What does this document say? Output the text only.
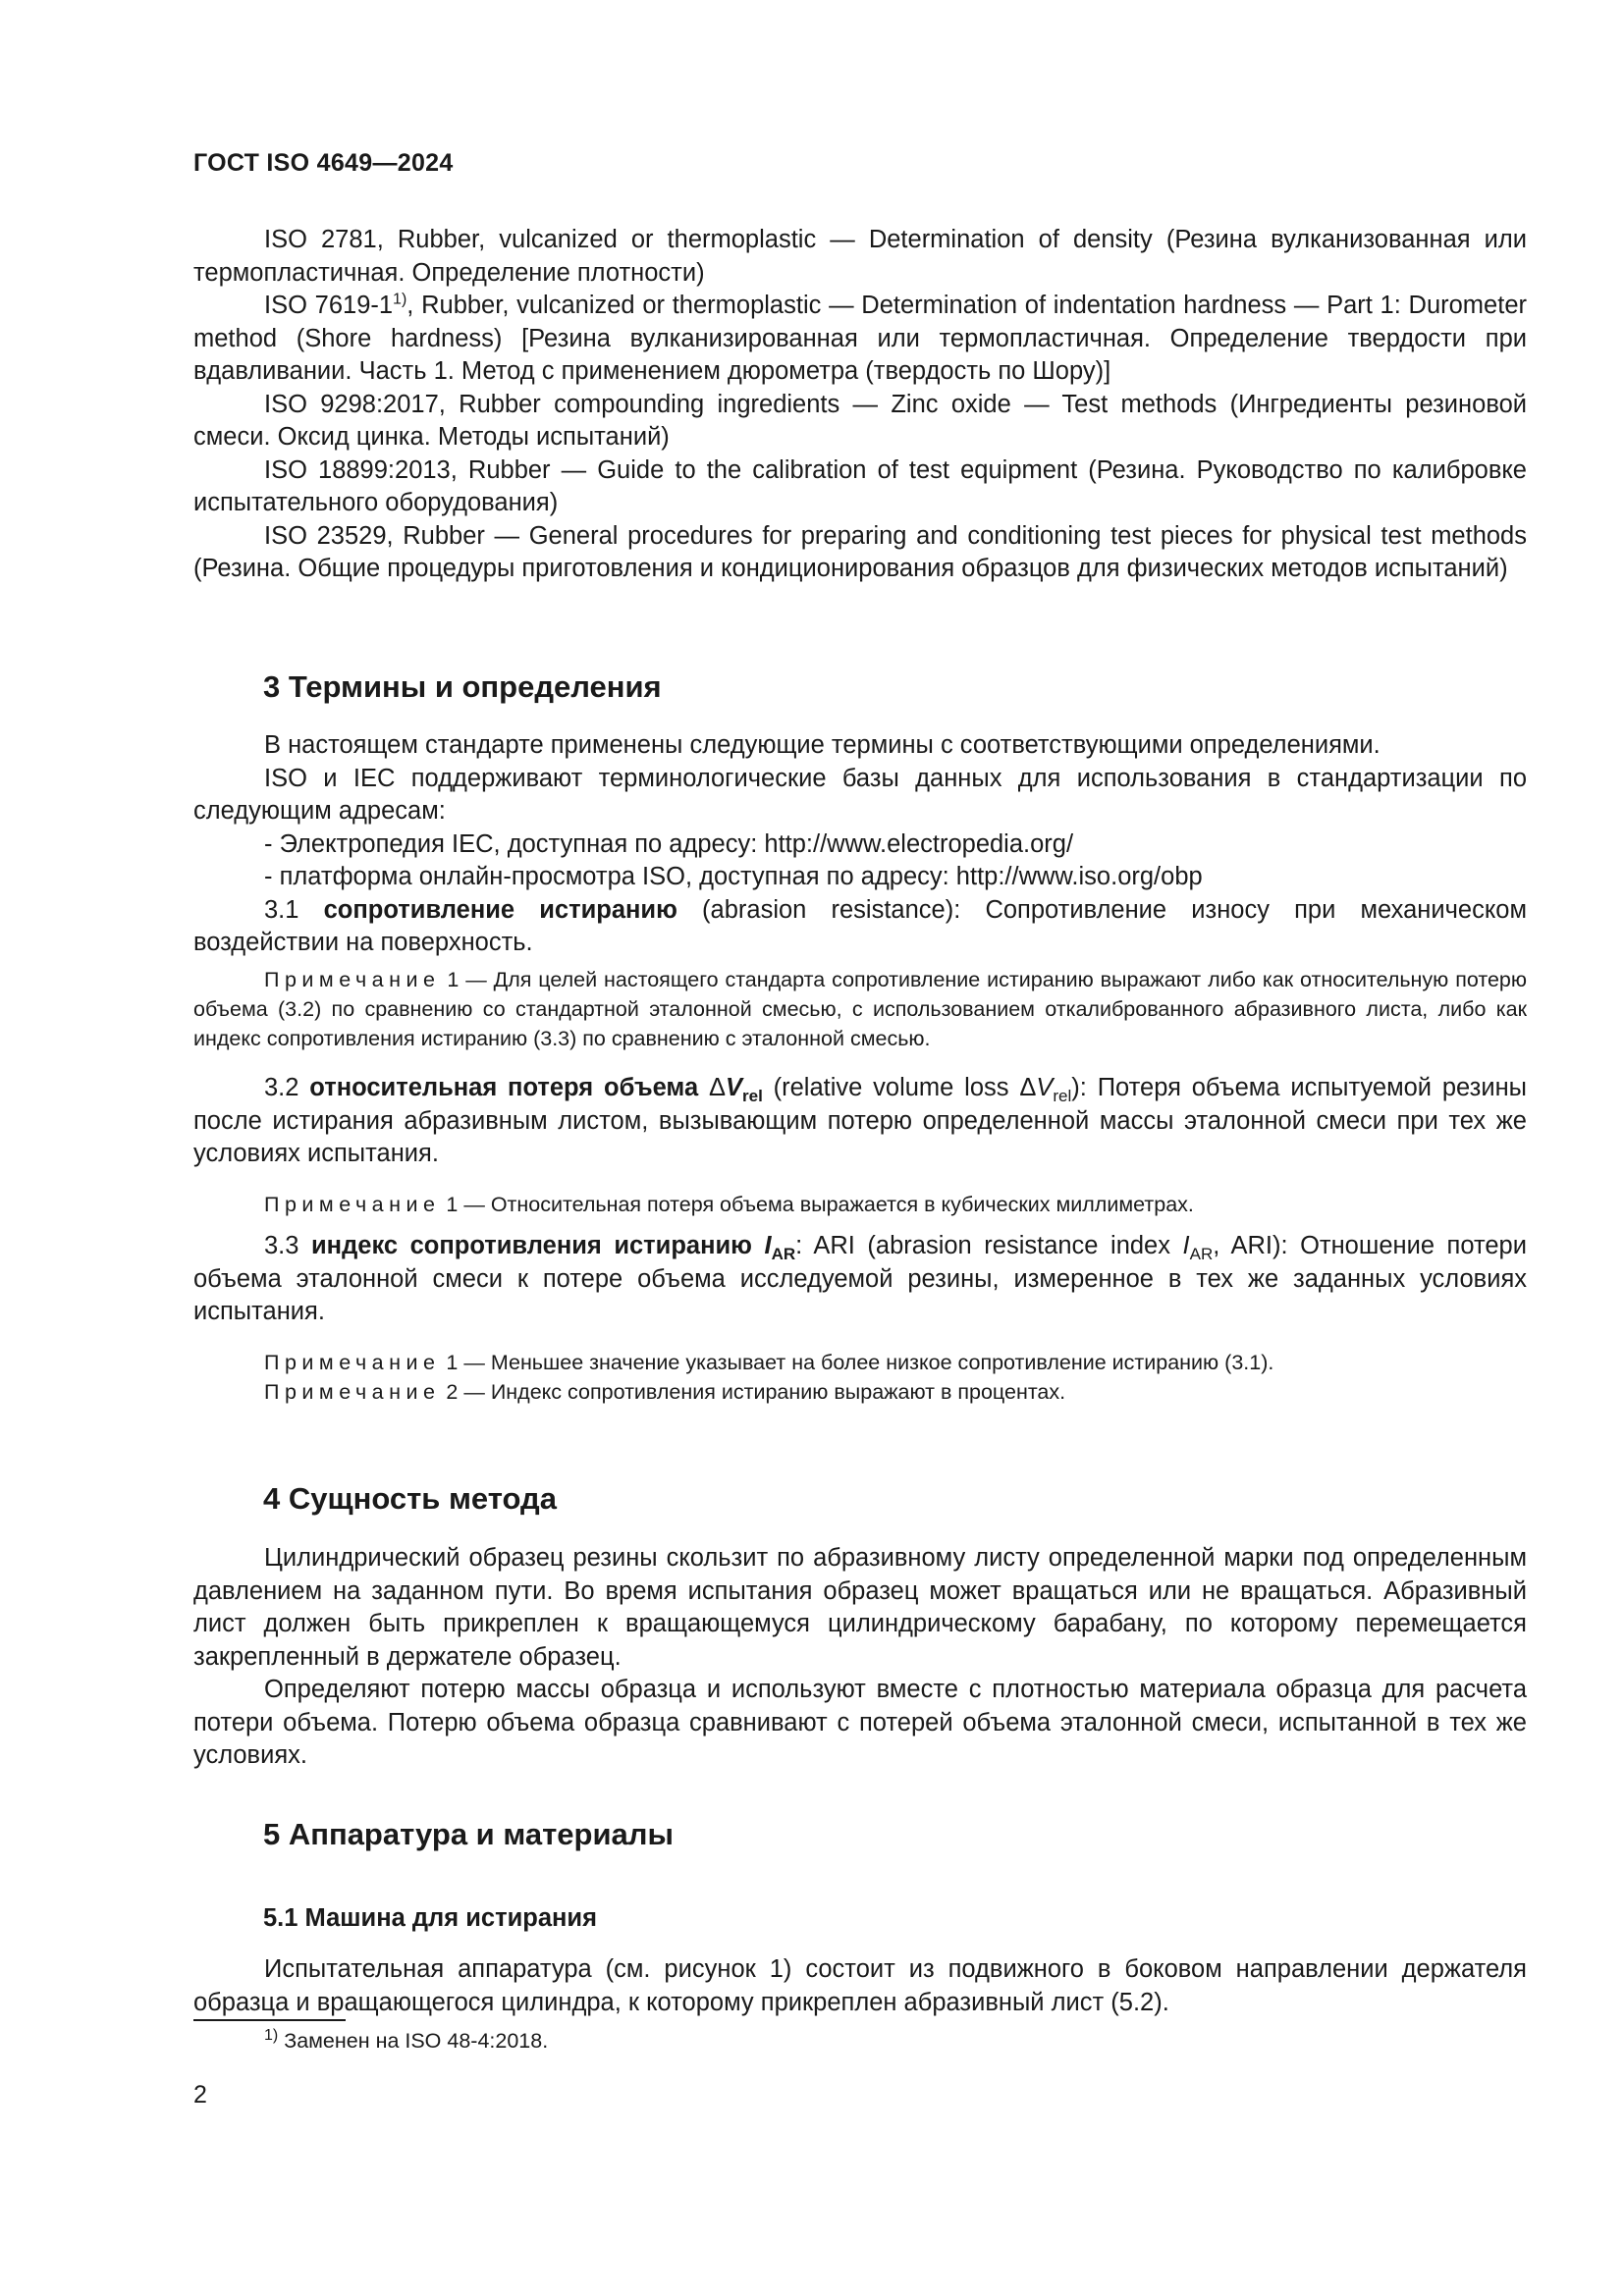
ГОСТ ISO 4649—2024

ISO 2781, Rubber, vulcanized or thermoplastic — Determination of density (Резина вулканизованная или термопластичная. Определение плотности)

ISO 7619-1$^{1)}$, Rubber, vulcanized or thermoplastic — Determination of indentation hardness — Part 1: Durometer method (Shore hardness) [Резина вулканизированная или термопластичная. Определение твердости при вдавливании. Часть 1. Метод с применением дюрометра (твердость по Шору)]

ISO 9298:2017, Rubber compounding ingredients — Zinc oxide — Test methods (Ингредиенты резиновой смеси. Оксид цинка. Методы испытаний)

ISO 18899:2013, Rubber — Guide to the calibration of test equipment (Резина. Руководство по калибровке испытательного оборудования)

ISO 23529, Rubber — General procedures for preparing and conditioning test pieces for physical test methods (Резина. Общие процедуры приготовления и кондиционирования образцов для физических методов испытаний)

3 Термины и определения

В настоящем стандарте применены следующие термины с соответствующими определениями.

ISO и IEC поддерживают терминологические базы данных для использования в стандартизации по следующим адресам:

- Электропедия IEC, доступная по адресу: http://www.electropedia.org/

- платформа онлайн-просмотра ISO, доступная по адресу: http://www.iso.org/obp

3.1 сопротивление истиранию (abrasion resistance): Сопротивление износу при механическом воздействии на поверхность.

Примечание 1 — Для целей настоящего стандарта сопротивление истиранию выражают либо как относительную потерю объема (3.2) по сравнению со стандартной эталонной смесью, с использованием откалиброванного абразивного листа, либо как индекс сопротивления истиранию (3.3) по сравнению с эталонной смесью.

3.2 относительная потеря объема $\Delta V_{rel}$ (relative volume loss $\Delta V_{rel}$): Потеря объема испытуемой резины после истирания абразивным листом, вызывающим потерю определенной массы эталонной смеси при тех же условиях испытания.

Примечание 1 — Относительная потеря объема выражается в кубических миллиметрах.

3.3 индекс сопротивления истиранию $I_{AR}$: ARI (abrasion resistance index $I_{AR}$, ARI): Отношение потери объема эталонной смеси к потере объема исследуемой резины, измеренное в тех же заданных условиях испытания.

Примечание 1 — Меньшее значение указывает на более низкое сопротивление истиранию (3.1).

Примечание 2 — Индекс сопротивления истиранию выражают в процентах.

4 Сущность метода

Цилиндрический образец резины скользит по абразивному листу определенной марки под определенным давлением на заданном пути. Во время испытания образец может вращаться или не вращаться. Абразивный лист должен быть прикреплен к вращающемуся цилиндрическому барабану, по которому перемещается закрепленный в держателе образец.

Определяют потерю массы образца и используют вместе с плотностью материала образца для расчета потери объема. Потерю объема образца сравнивают с потерей объема эталонной смеси, испытанной в тех же условиях.

5 Аппаратура и материалы
5.1 Машина для истирания

Испытательная аппаратура (см. рисунок 1) состоит из подвижного в боковом направлении держателя образца и вращающегося цилиндра, к которому прикреплен абразивный лист (5.2).

$^{1)}$ Заменен на ISO 48-4:2018.
2
